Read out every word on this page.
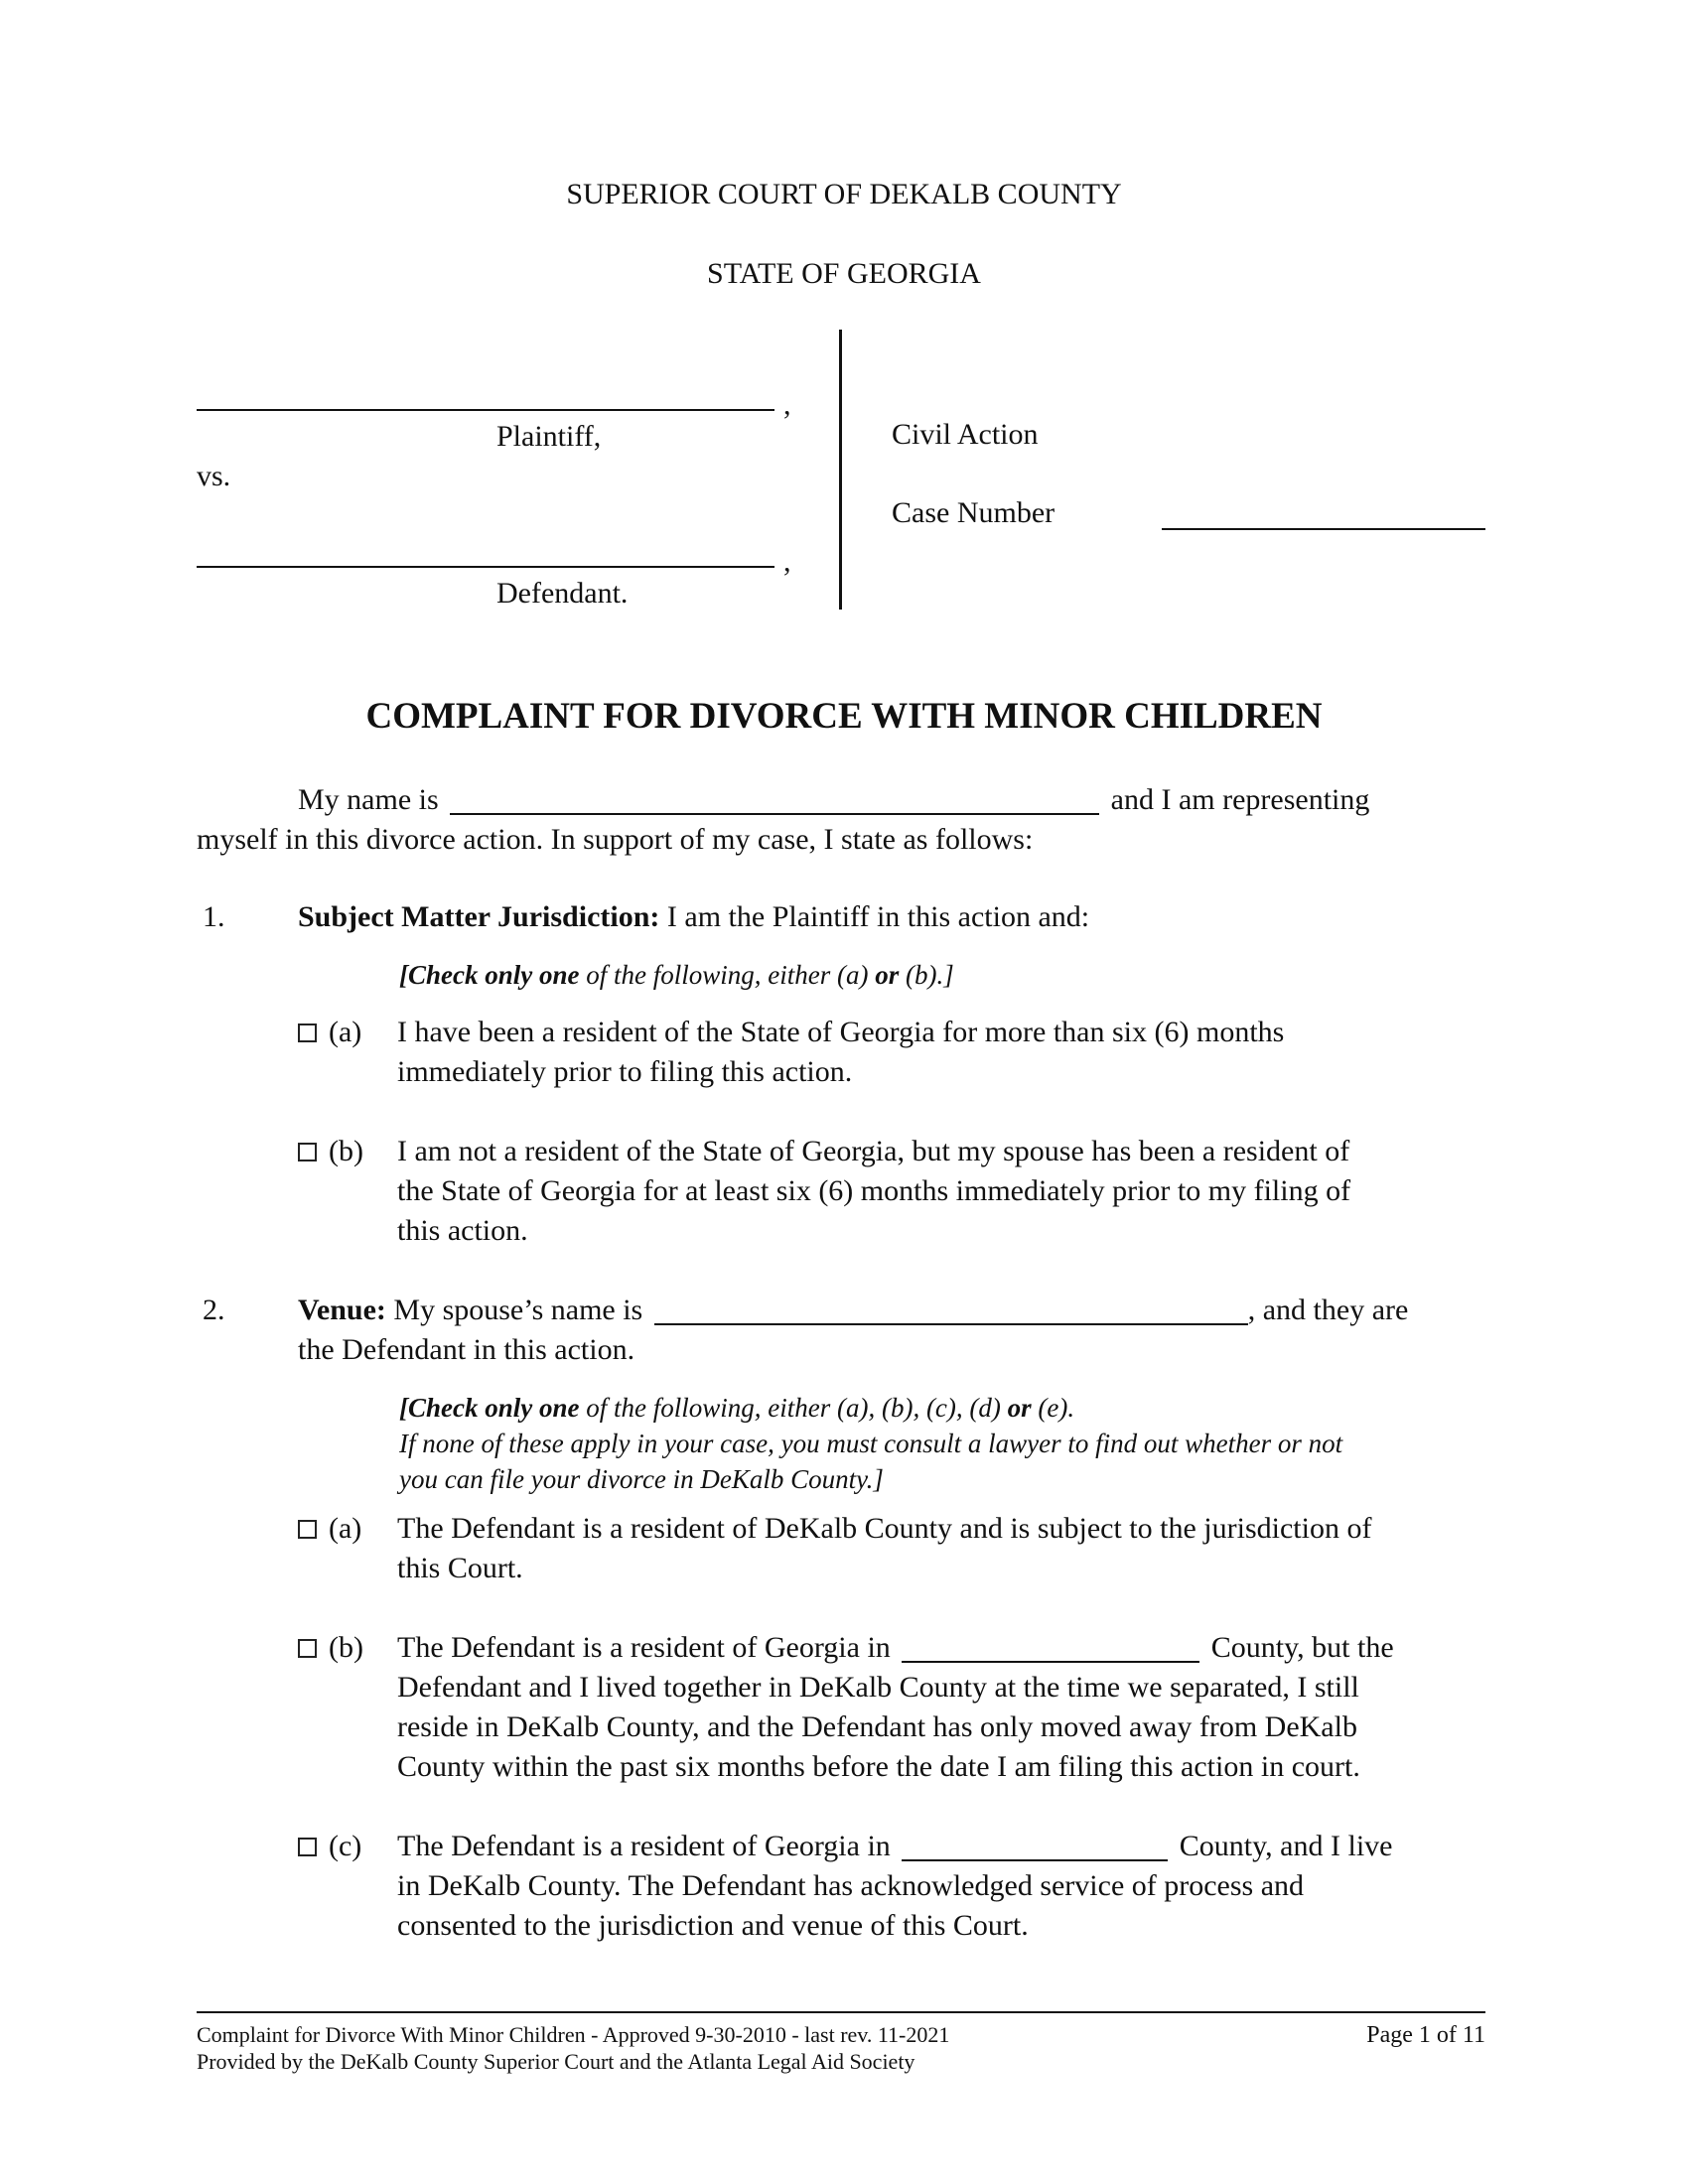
SUPERIOR COURT OF DEKALB COUNTY
STATE OF GEORGIA
,
Plaintiff,
vs.
,
Defendant.
Civil Action
Case Number
COMPLAINT FOR DIVORCE WITH MINOR CHILDREN
My name is	and I am representing
myself in this divorce action. In support of my case, I state as follows:
1. Subject Matter Jurisdiction: I am the Plaintiff in this action and:
[Check only one of the following, either (a) or (b).]
(a) I have been a resident of the State of Georgia for more than six (6) months
immediately prior to filing this action.
(b) I am not a resident of the State of Georgia, but my spouse has been a resident of
the State of Georgia for at least six (6) months immediately prior to my filing of
this action.
2. Venue: My spouse’s name is	, and they are
the Defendant in this action.
[Check only one of the following, either (a), (b), (c), (d) or (e).
If none of these apply in your case, you must consult a lawyer to find out whether or not
you can file your divorce in DeKalb County.]
(a) The Defendant is a resident of DeKalb County and is subject to the jurisdiction of
this Court.
(b) The Defendant is a resident of Georgia in	County, but the
Defendant and I lived together in DeKalb County at the time we separated, I still
reside in DeKalb County, and the Defendant has only moved away from DeKalb
County within the past six months before the date I am filing this action in court.
(c) The Defendant is a resident of Georgia in	County, and I live
in DeKalb County. The Defendant has acknowledged service of process and
consented to the jurisdiction and venue of this Court.
Complaint for Divorce With Minor Children - Approved 9-30-2010 - last rev. 11-2021
Provided by the DeKalb County Superior Court and the Atlanta Legal Aid Society
Page 1 of 11
